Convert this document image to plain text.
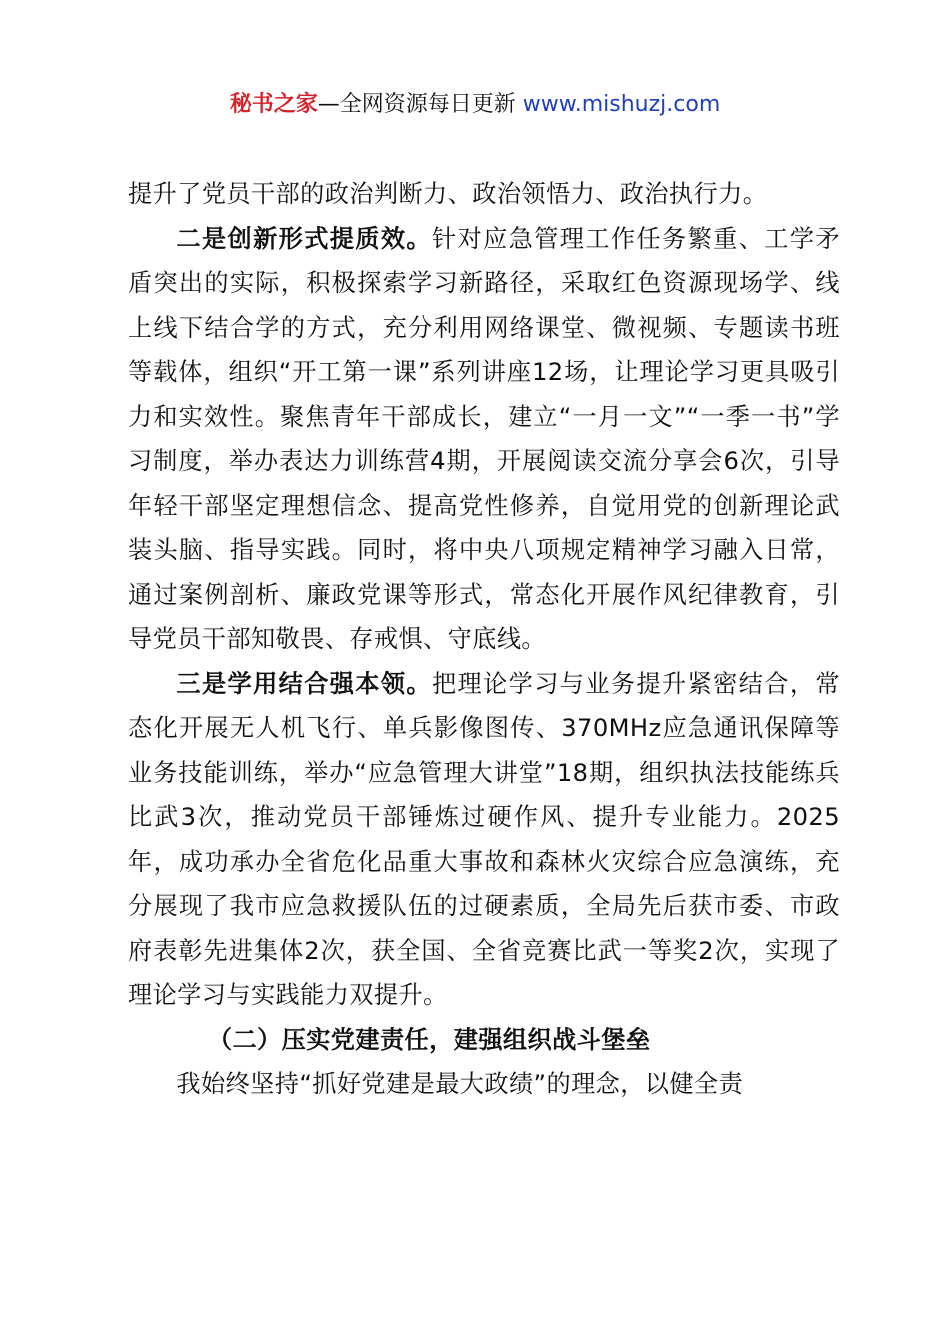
秘书之家—全网资源每日更新 www.mishuzj.com

提升了党员干部的政治判断力、政治领悟力、政治执行力。

二是创新形式提质效。针对应急管理工作任务繁重、工学矛盾突出的实际，积极探索学习新路径，采取红色资源现场学、线上线下结合学的方式，充分利用网络课堂、微视频、专题读书班等载体，组织“开工第一课”系列讲座12场，让理论学习更具吸引力和实效性。聚焦青年干部成长，建立“一月一文”“一季一书”学习制度，举办表达力训练营4期，开展阅读交流分享会6次，引导年轻干部坚定理想信念、提高党性修养，自觉用党的创新理论武装头脑、指导实践。同时，将中央八项规定精神学习融入日常，通过案例剖析、廉政党课等形式，常态化开展作风纪律教育，引导党员干部知敬畏、存戒惧、守底线。

三是学用结合强本领。把理论学习与业务提升紧密结合，常态化开展无人机飞行、单兵影像图传、370MHz应急通讯保障等业务技能训练，举办“应急管理大讲堂”18期，组织执法技能练兵比武3次，推动党员干部锤炼过硬作风、提升专业能力。2025年，成功承办全省危化品重大事故和森林火灾综合应急演练，充分展现了我市应急救援队伍的过硬素质，全局先后获市委、市政府表彰先进集体2次，获全国、全省竞赛比武一等奖2次，实现了理论学习与实践能力双提升。

（二）压实党建责任，建强组织战斗堡垒

我始终坚持“抓好党建是最大政绩”的理念，以健全责
